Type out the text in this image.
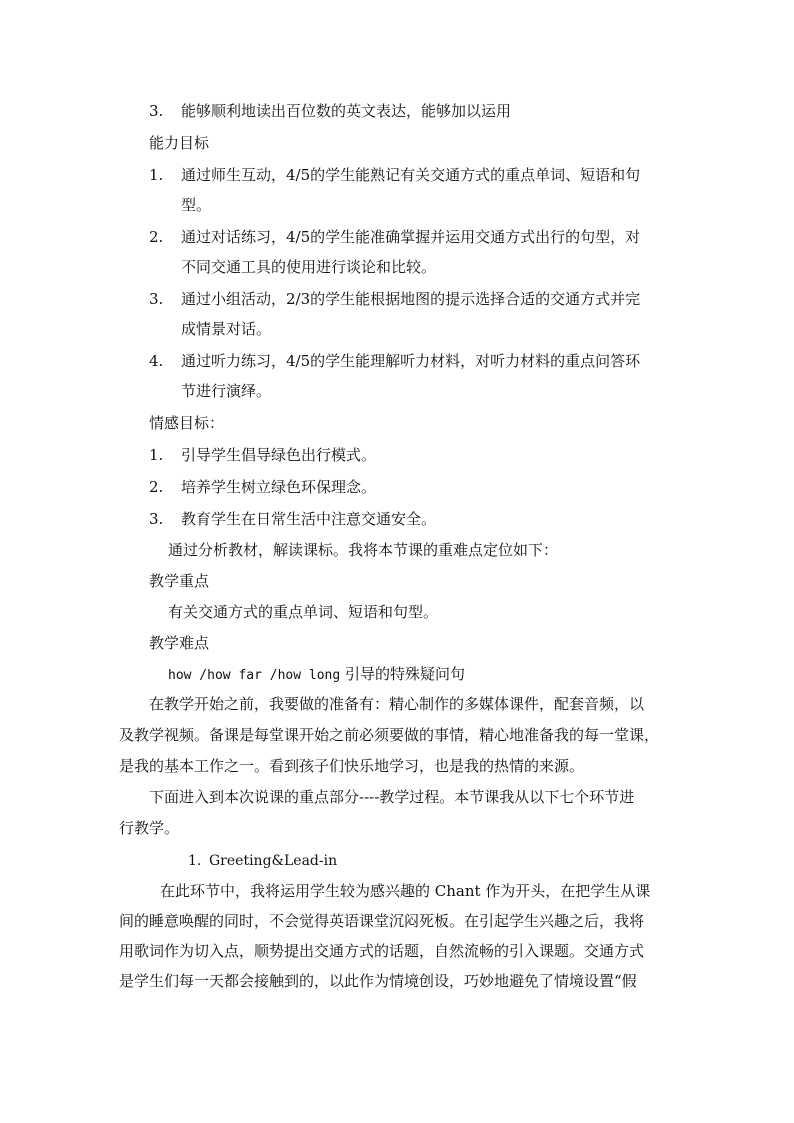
3. 能够顺利地读出百位数的英文表达，能够加以运用
能力目标
1. 通过师生互动，4/5的学生能熟记有关交通方式的重点单词、短语和句
型。
2. 通过对话练习，4/5的学生能准确掌握并运用交通方式出行的句型，对
不同交通工具的使用进行谈论和比较。
3. 通过小组活动，2/3的学生能根据地图的提示选择合适的交通方式并完
成情景对话。
4. 通过听力练习，4/5的学生能理解听力材料，对听力材料的重点问答环
节进行演绎。
情感目标：
1. 引导学生倡导绿色出行模式。
2. 培养学生树立绿色环保理念。
3. 教育学生在日常生活中注意交通安全。
通过分析教材，解读课标。我将本节课的重难点定位如下：
教学重点
有关交通方式的重点单词、短语和句型。
教学难点
how /how far /how long 引导的特殊疑问句
在教学开始之前，我要做的准备有：精心制作的多媒体课件，配套音频，以
及教学视频。备课是每堂课开始之前必须要做的事情，精心地准备我的每一堂课，
是我的基本工作之一。看到孩子们快乐地学习，也是我的热情的来源。
下面进入到本次说课的重点部分----教学过程。本节课我从以下七个环节进
行教学。
1. Greeting&Lead-in
在此环节中，我将运用学生较为感兴趣的 Chant 作为开头，在把学生从课
间的睡意唤醒的同时，不会觉得英语课堂沉闷死板。在引起学生兴趣之后，我将
用歌词作为切入点，顺势提出交通方式的话题，自然流畅的引入课题。交通方式
是学生们每一天都会接触到的，以此作为情境创设，巧妙地避免了情境设置“假
